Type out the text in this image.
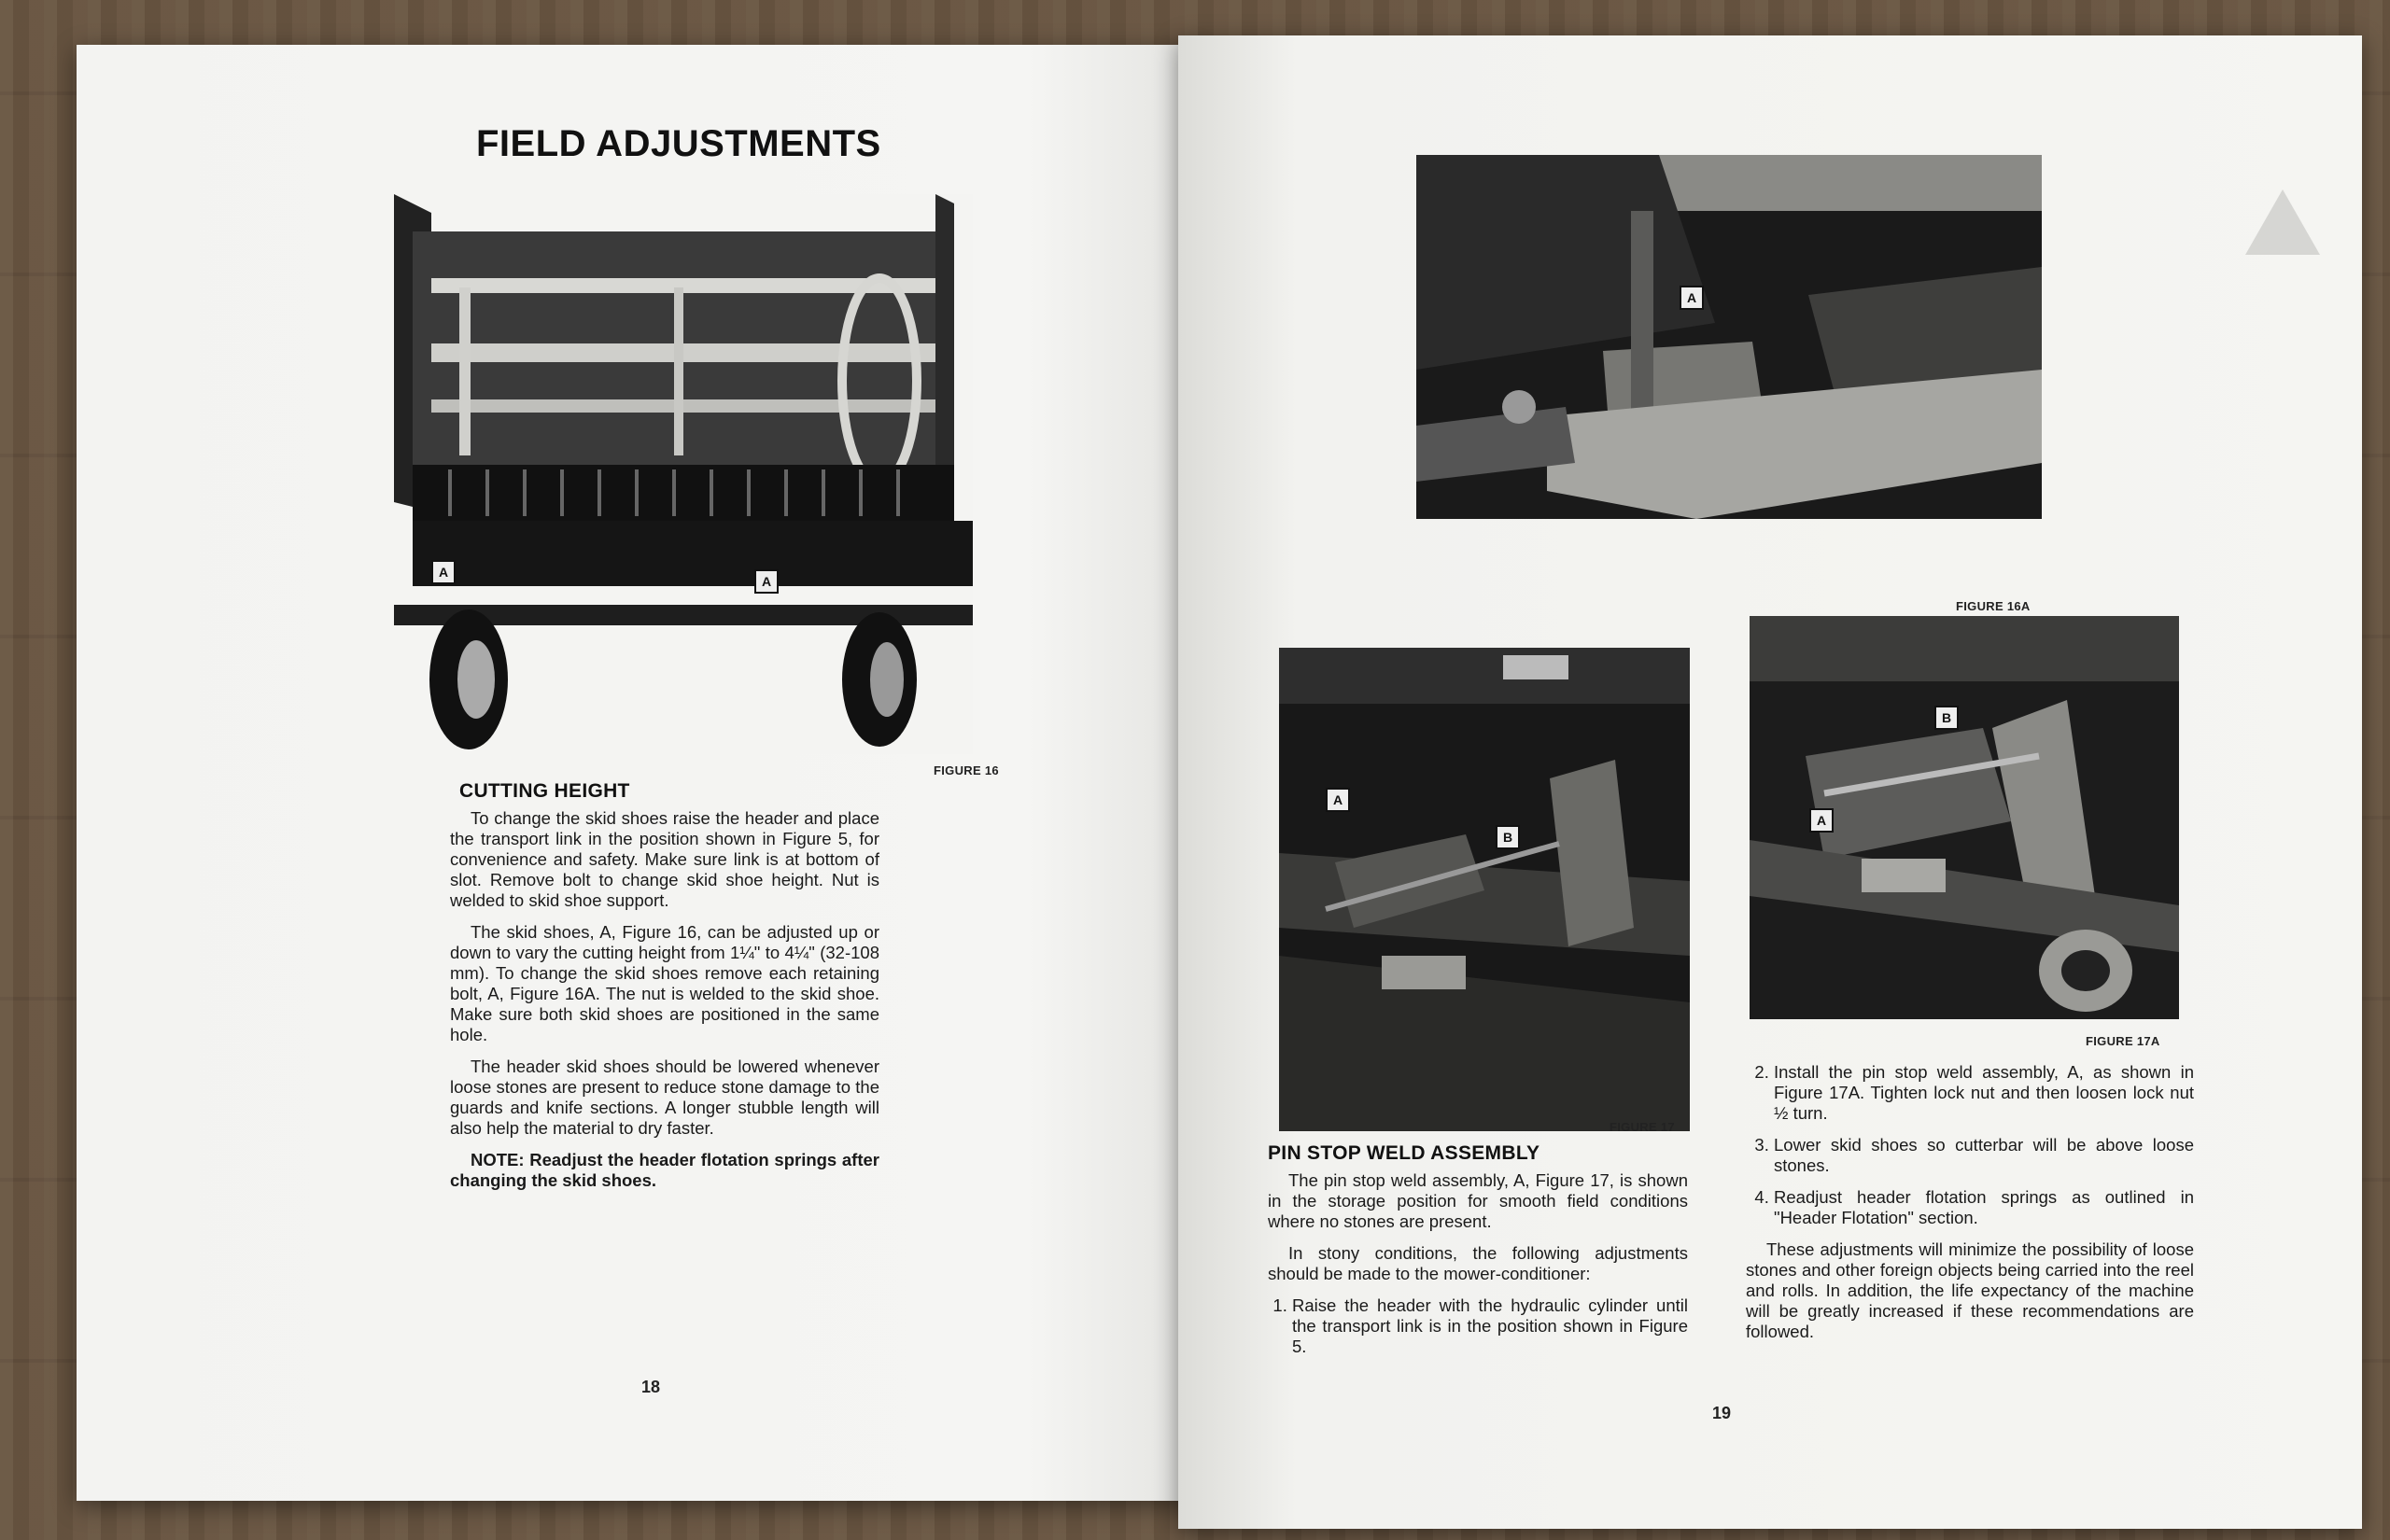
FIELD ADJUSTMENTS
A
A
FIGURE 16
CUTTING HEIGHT

To change the skid shoes raise the header and place the transport link in the position shown in Figure 5, for convenience and safety. Make sure link is at bottom of slot. Remove bolt to change skid shoe height. Nut is welded to skid shoe support.

The skid shoes, A, Figure 16, can be adjusted up or down to vary the cutting height from 1¼" to 4¼" (32-108 mm). To change the skid shoes remove each retaining bolt, A, Figure 16A. The nut is welded to the skid shoe. Make sure both skid shoes are positioned in the same hole.

The header skid shoes should be lowered whenever loose stones are present to reduce stone damage to the guards and knife sections. A longer stubble length will also help the material to dry faster.

NOTE: Readjust the header flotation springs after changing the skid shoes.

18
A
FIGURE 16A
A
B
FIGURE 17
B
A
FIGURE 17A
PIN STOP WELD ASSEMBLY

The pin stop weld assembly, A, Figure 17, is shown in the storage position for smooth field conditions where no stones are present.

In stony conditions, the following adjustments should be made to the mower-conditioner:

1. Raise the header with the hydraulic cylinder until the transport link is in the position shown in Figure 5.
2. Install the pin stop weld assembly, A, as shown in Figure 17A. Tighten lock nut and then loosen lock nut ½ turn.
3. Lower skid shoes so cutterbar will be above loose stones.
4. Readjust header flotation springs as outlined in "Header Flotation" section.

These adjustments will minimize the possibility of loose stones and other foreign objects being carried into the reel and rolls. In addition, the life expectancy of the machine will be greatly increased if these recommendations are followed.

19
